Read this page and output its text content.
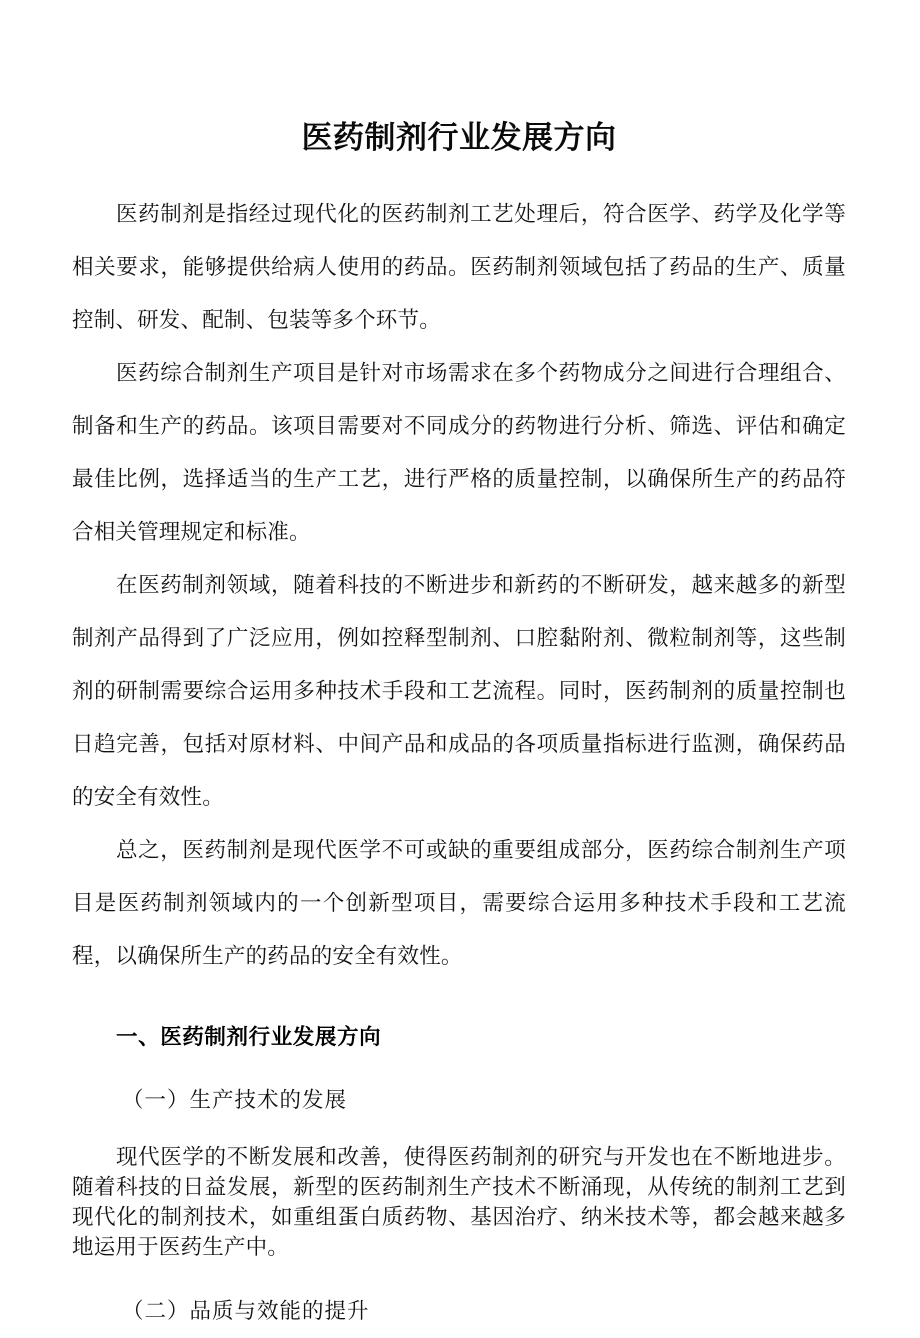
医药制剂行业发展方向

医药制剂是指经过现代化的医药制剂工艺处理后，符合医学、药学及化学等相关要求，能够提供给病人使用的药品。医药制剂领域包括了药品的生产、质量控制、研发、配制、包装等多个环节。

医药综合制剂生产项目是针对市场需求在多个药物成分之间进行合理组合、制备和生产的药品。该项目需要对不同成分的药物进行分析、筛选、评估和确定最佳比例，选择适当的生产工艺，进行严格的质量控制，以确保所生产的药品符合相关管理规定和标准。

在医药制剂领域，随着科技的不断进步和新药的不断研发，越来越多的新型制剂产品得到了广泛应用，例如控释型制剂、口腔黏附剂、微粒制剂等，这些制剂的研制需要综合运用多种技术手段和工艺流程。同时，医药制剂的质量控制也日趋完善，包括对原材料、中间产品和成品的各项质量指标进行监测，确保药品的安全有效性。

总之，医药制剂是现代医学不可或缺的重要组成部分，医药综合制剂生产项目是医药制剂领域内的一个创新型项目，需要综合运用多种技术手段和工艺流程，以确保所生产的药品的安全有效性。

一、医药制剂行业发展方向
（一）生产技术的发展

现代医学的不断发展和改善，使得医药制剂的研究与开发也在不断地进步。随着科技的日益发展，新型的医药制剂生产技术不断涌现，从传统的制剂工艺到现代化的制剂技术，如重组蛋白质药物、基因治疗、纳米技术等，都会越来越多地运用于医药生产中。

（二）品质与效能的提升
